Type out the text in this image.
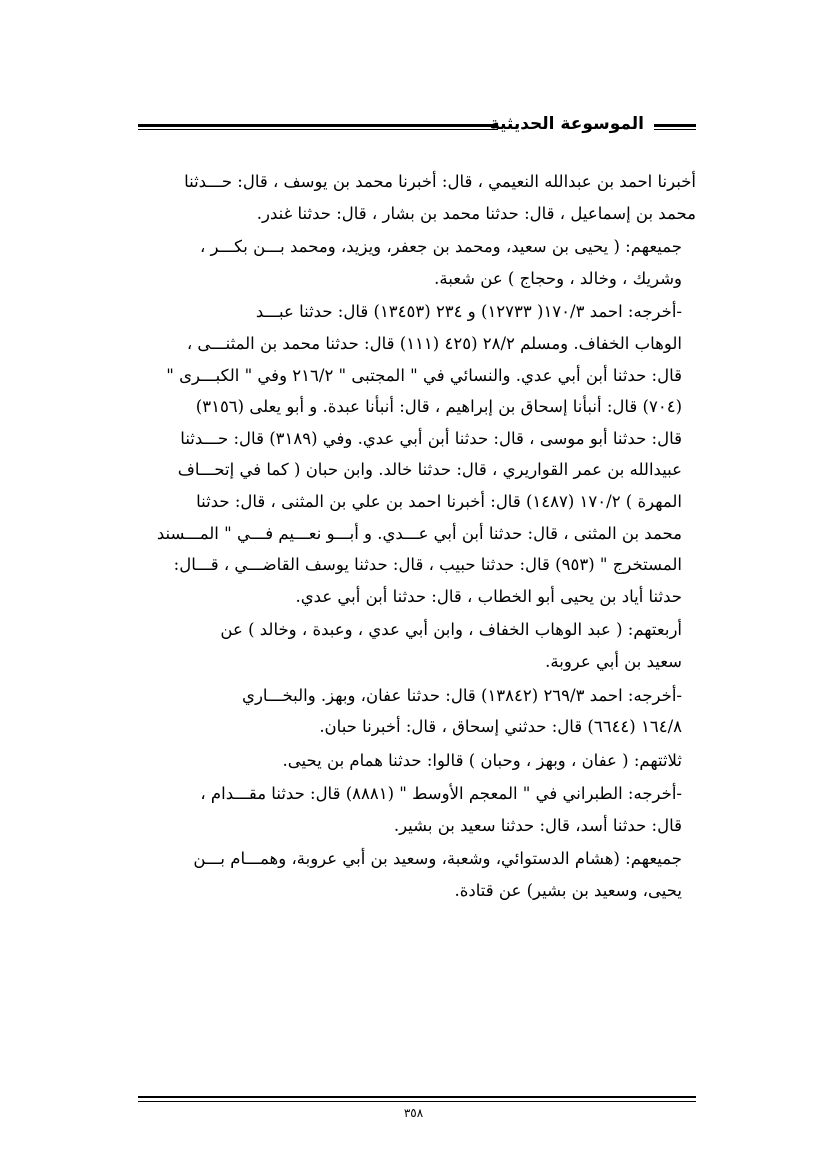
الموسوعة الحديثية
أخبرنا احمد بن عبدالله النعيمي ، قال: أخبرنا محمد بن يوسف ، قال: حـــدثنا
محمد بن إسماعيل ، قال: حدثنا محمد بن بشار ، قال: حدثنا غندر.
جميعهم: ( يحيى بن سعيد، ومحمد بن جعفر، ويزيد، ومحمد بـــن بكـــر ،
وشريك ، وخالد ، وحجاج ) عن شعبة.
-أخرجه: احمد ١٧٠/٣( ١٢٧٣٣) و ٢٣٤ (١٣٤٥٣) قال: حدثنا عبـــد
الوهاب الخفاف. ومسلم ٢٨/٢ (٤٢٥ (١١١) قال: حدثنا محمد بن المثنـــى ،
قال: حدثنا أبن أبي عدي. والنسائي في " المجتبى " ٢١٦/٢ وفي " الكبـــرى "
(٧٠٤) قال: أنبأنا إسحاق بن إبراهيم ، قال: أنبأنا عبدة. و أبو يعلى (٣١٥٦)
قال: حدثنا أبو موسى ، قال: حدثنا أبن أبي عدي. وفي (٣١٨٩) قال: حـــدثنا
عبيدالله بن عمر القواريري ، قال: حدثنا خالد. وابن حبان ( كما في إتحـــاف
المهرة ) ١٧٠/٢ (١٤٨٧) قال: أخبرنا احمد بن علي بن المثنى ، قال: حدثنا
محمد بن المثنى ، قال: حدثنا أبن أبي عـــدي. و أبـــو نعـــيم فـــي " المـــسند
المستخرج " (٩٥٣) قال: حدثنا حبيب ، قال: حدثنا يوسف القاضـــي ، قـــال:
حدثنا أياد بن يحيى أبو الخطاب ، قال: حدثنا أبن أبي عدي.
أربعتهم: ( عبد الوهاب الخفاف ، وابن أبي عدي ، وعبدة ، وخالد ) عن
سعيد بن أبي عروبة.
-أخرجه: احمد ٢٦٩/٣ (١٣٨٤٢) قال: حدثنا عفان، وبهز. والبخـــاري
١٦٤/٨ (٦٦٤٤) قال: حدثني إسحاق ، قال: أخبرنا حبان.
ثلاثتهم: ( عفان ، وبهز ، وحبان ) قالوا: حدثنا همام بن يحيى.
-أخرجه: الطبراني في " المعجم الأوسط " (٨٨٨١) قال: حدثنا مقـــدام ،
قال: حدثنا أسد، قال: حدثنا سعيد بن بشير.
جميعهم: (هشام الدستوائي، وشعبة، وسعيد بن أبي عروبة، وهمـــام بـــن
يحيى، وسعيد بن بشير) عن قتادة.
٣٥٨
